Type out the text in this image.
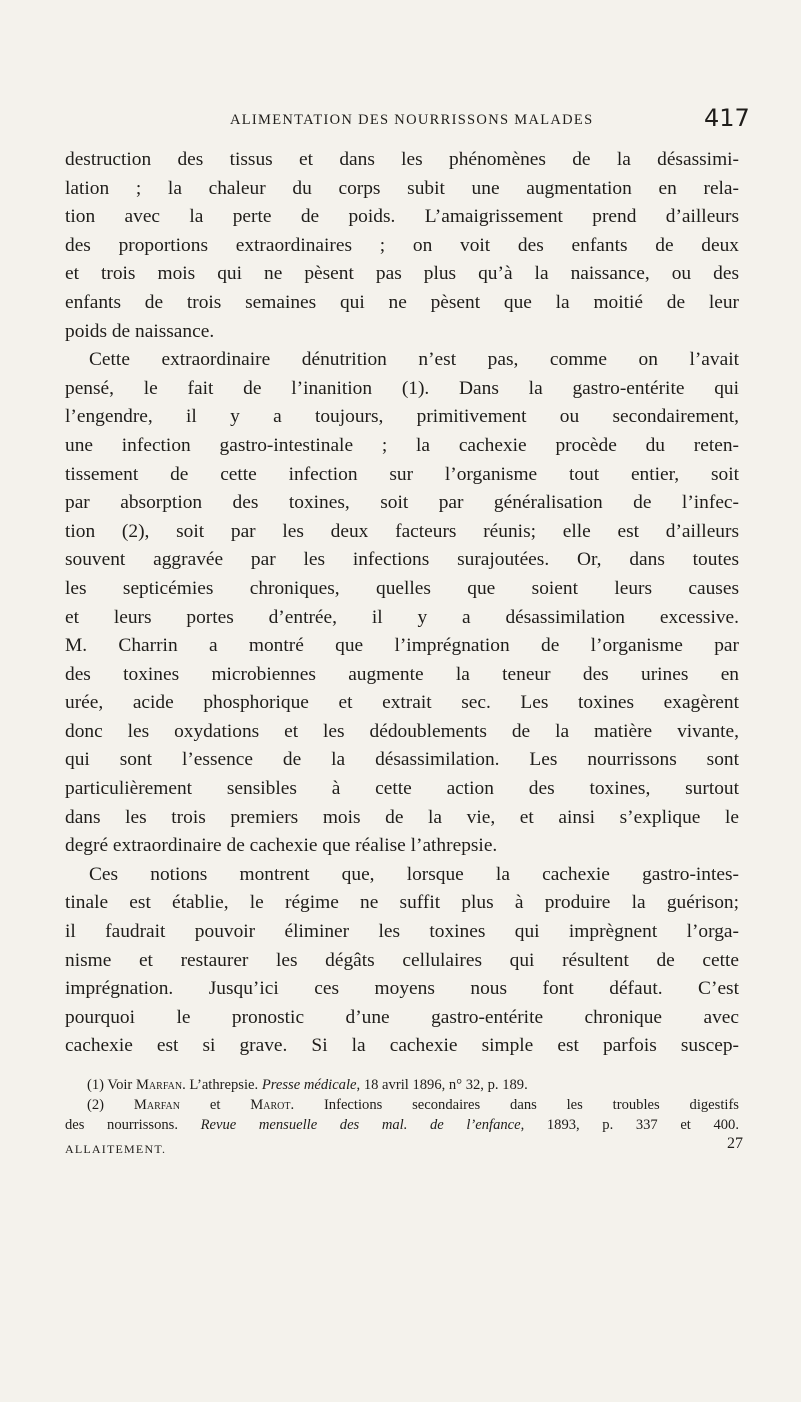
ALIMENTATION DES NOURRISSONS MALADES	417
destruction des tissus et dans les phénomènes de la désassimi-
lation ; la chaleur du corps subit une augmentation en rela-
tion avec la perte de poids. L’amaigrissement prend d’ailleurs
des proportions extraordinaires ; on voit des enfants de deux
et trois mois qui ne pèsent pas plus qu’à la naissance, ou des
enfants de trois semaines qui ne pèsent que la moitié de leur
poids de naissance.
Cette extraordinaire dénutrition n’est pas, comme on l’avait
pensé, le fait de l’inanition (1). Dans la gastro-entérite qui
l’engendre, il y a toujours, primitivement ou secondairement,
une infection gastro-intestinale ; la cachexie procède du reten-
tissement de cette infection sur l’organisme tout entier, soit
par absorption des toxines, soit par généralisation de l’infec-
tion (2), soit par les deux facteurs réunis; elle est d’ailleurs
souvent aggravée par les infections surajoutées. Or, dans toutes
les septicémies chroniques, quelles que soient leurs causes
et leurs portes d’entrée, il y a désassimilation excessive.
M. Charrin a montré que l’imprégnation de l’organisme par
des toxines microbiennes augmente la teneur des urines en
urée, acide phosphorique et extrait sec. Les toxines exagèrent
donc les oxydations et les dédoublements de la matière vivante,
qui sont l’essence de la désassimilation. Les nourrissons sont
particulièrement sensibles à cette action des toxines, surtout
dans les trois premiers mois de la vie, et ainsi s’explique le
degré extraordinaire de cachexie que réalise l’athrepsie.
Ces notions montrent que, lorsque la cachexie gastro-intes-
tinale est établie, le régime ne suffit plus à produire la guérison;
il faudrait pouvoir éliminer les toxines qui imprègnent l’orga-
nisme et restaurer les dégâts cellulaires qui résultent de cette
imprégnation. Jusqu’ici ces moyens nous font défaut. C’est
pourquoi le pronostic d’une gastro-entérite chronique avec
cachexie est si grave. Si la cachexie simple est parfois suscep-
(1) Voir Marfan. L’athrepsie. Presse médicale, 18 avril 1896, n° 32, p. 189.
(2) Marfan et Marot. Infections secondaires dans les troubles digestifs
des nourrissons. Revue mensuelle des mal. de l’enfance, 1893, p. 337 et 400.
ALLAITEMENT.	27
